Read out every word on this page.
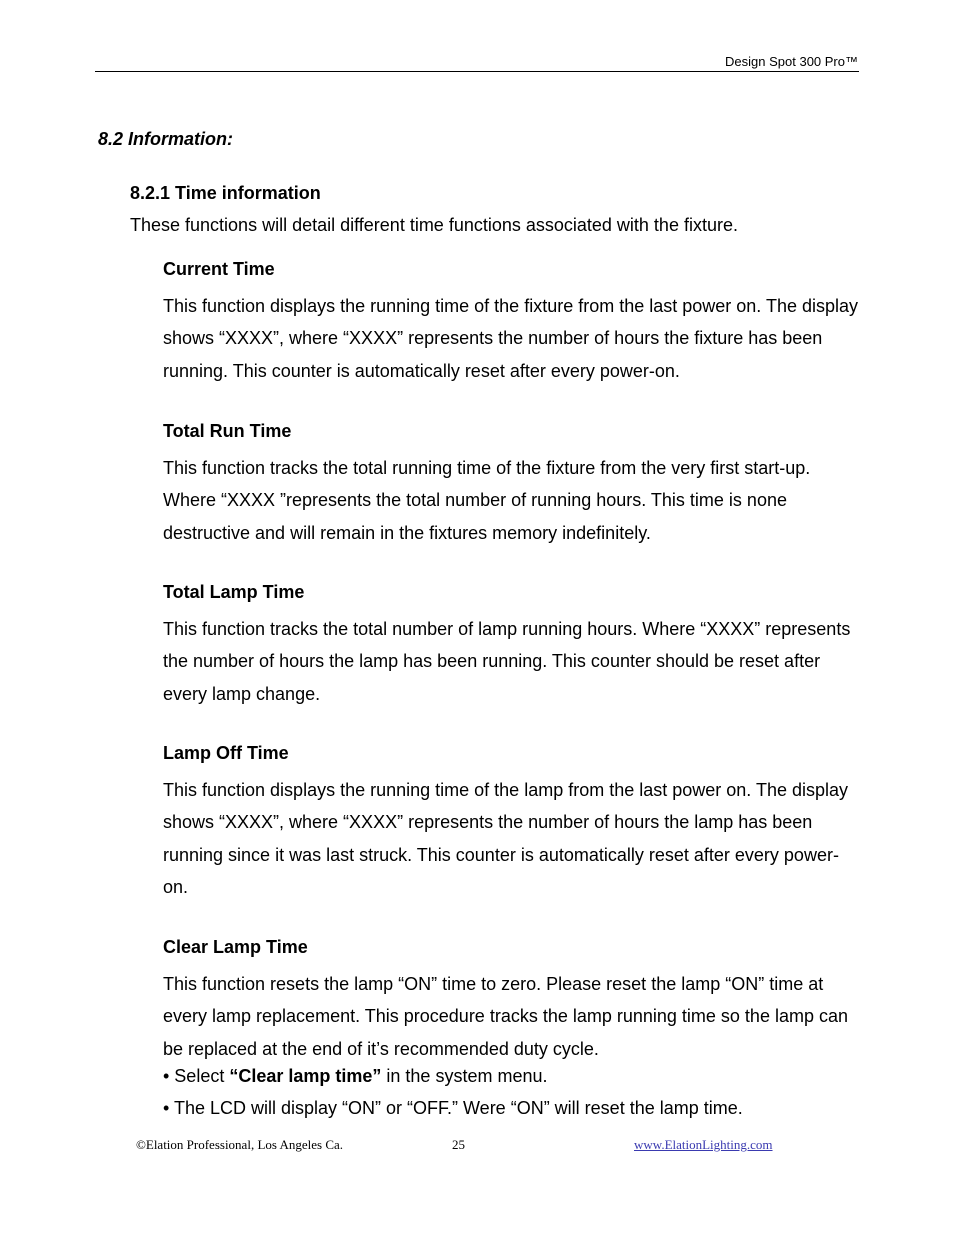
Design Spot 300 Pro™
8.2 Information:
8.2.1 Time information
These functions will detail different time functions associated with the fixture.
Current Time

This function displays the running time of the fixture from the last power on. The display shows “XXXX”, where “XXXX” represents the number of hours the fixture has been running. This counter is automatically reset after every power-on.

Total Run Time

This function tracks the total running time of the fixture from the very first start-up. Where “XXXX ”represents the total number of running hours. This time is none destructive and will remain in the fixtures memory indefinitely.

Total Lamp Time

This function tracks the total number of lamp running hours. Where “XXXX” represents the number of hours the lamp has been running. This counter should be reset after every lamp change.

Lamp Off Time

This function displays the running time of the lamp from the last power on. The display shows “XXXX”, where “XXXX” represents the number of hours the lamp has been running since it was last struck. This counter is automatically reset after every power-on.

Clear Lamp Time

This function resets the lamp “ON” time to zero. Please reset the lamp “ON” time at every lamp replacement. This procedure tracks the lamp running time so the lamp can be replaced at the end of it’s recommended duty cycle.

• Select “Clear lamp time” in the system menu.
• The LCD will display “ON” or “OFF.” Were “ON” will reset the lamp time.
©Elation Professional, Los Angeles Ca.	25	www.ElationLighting.com
